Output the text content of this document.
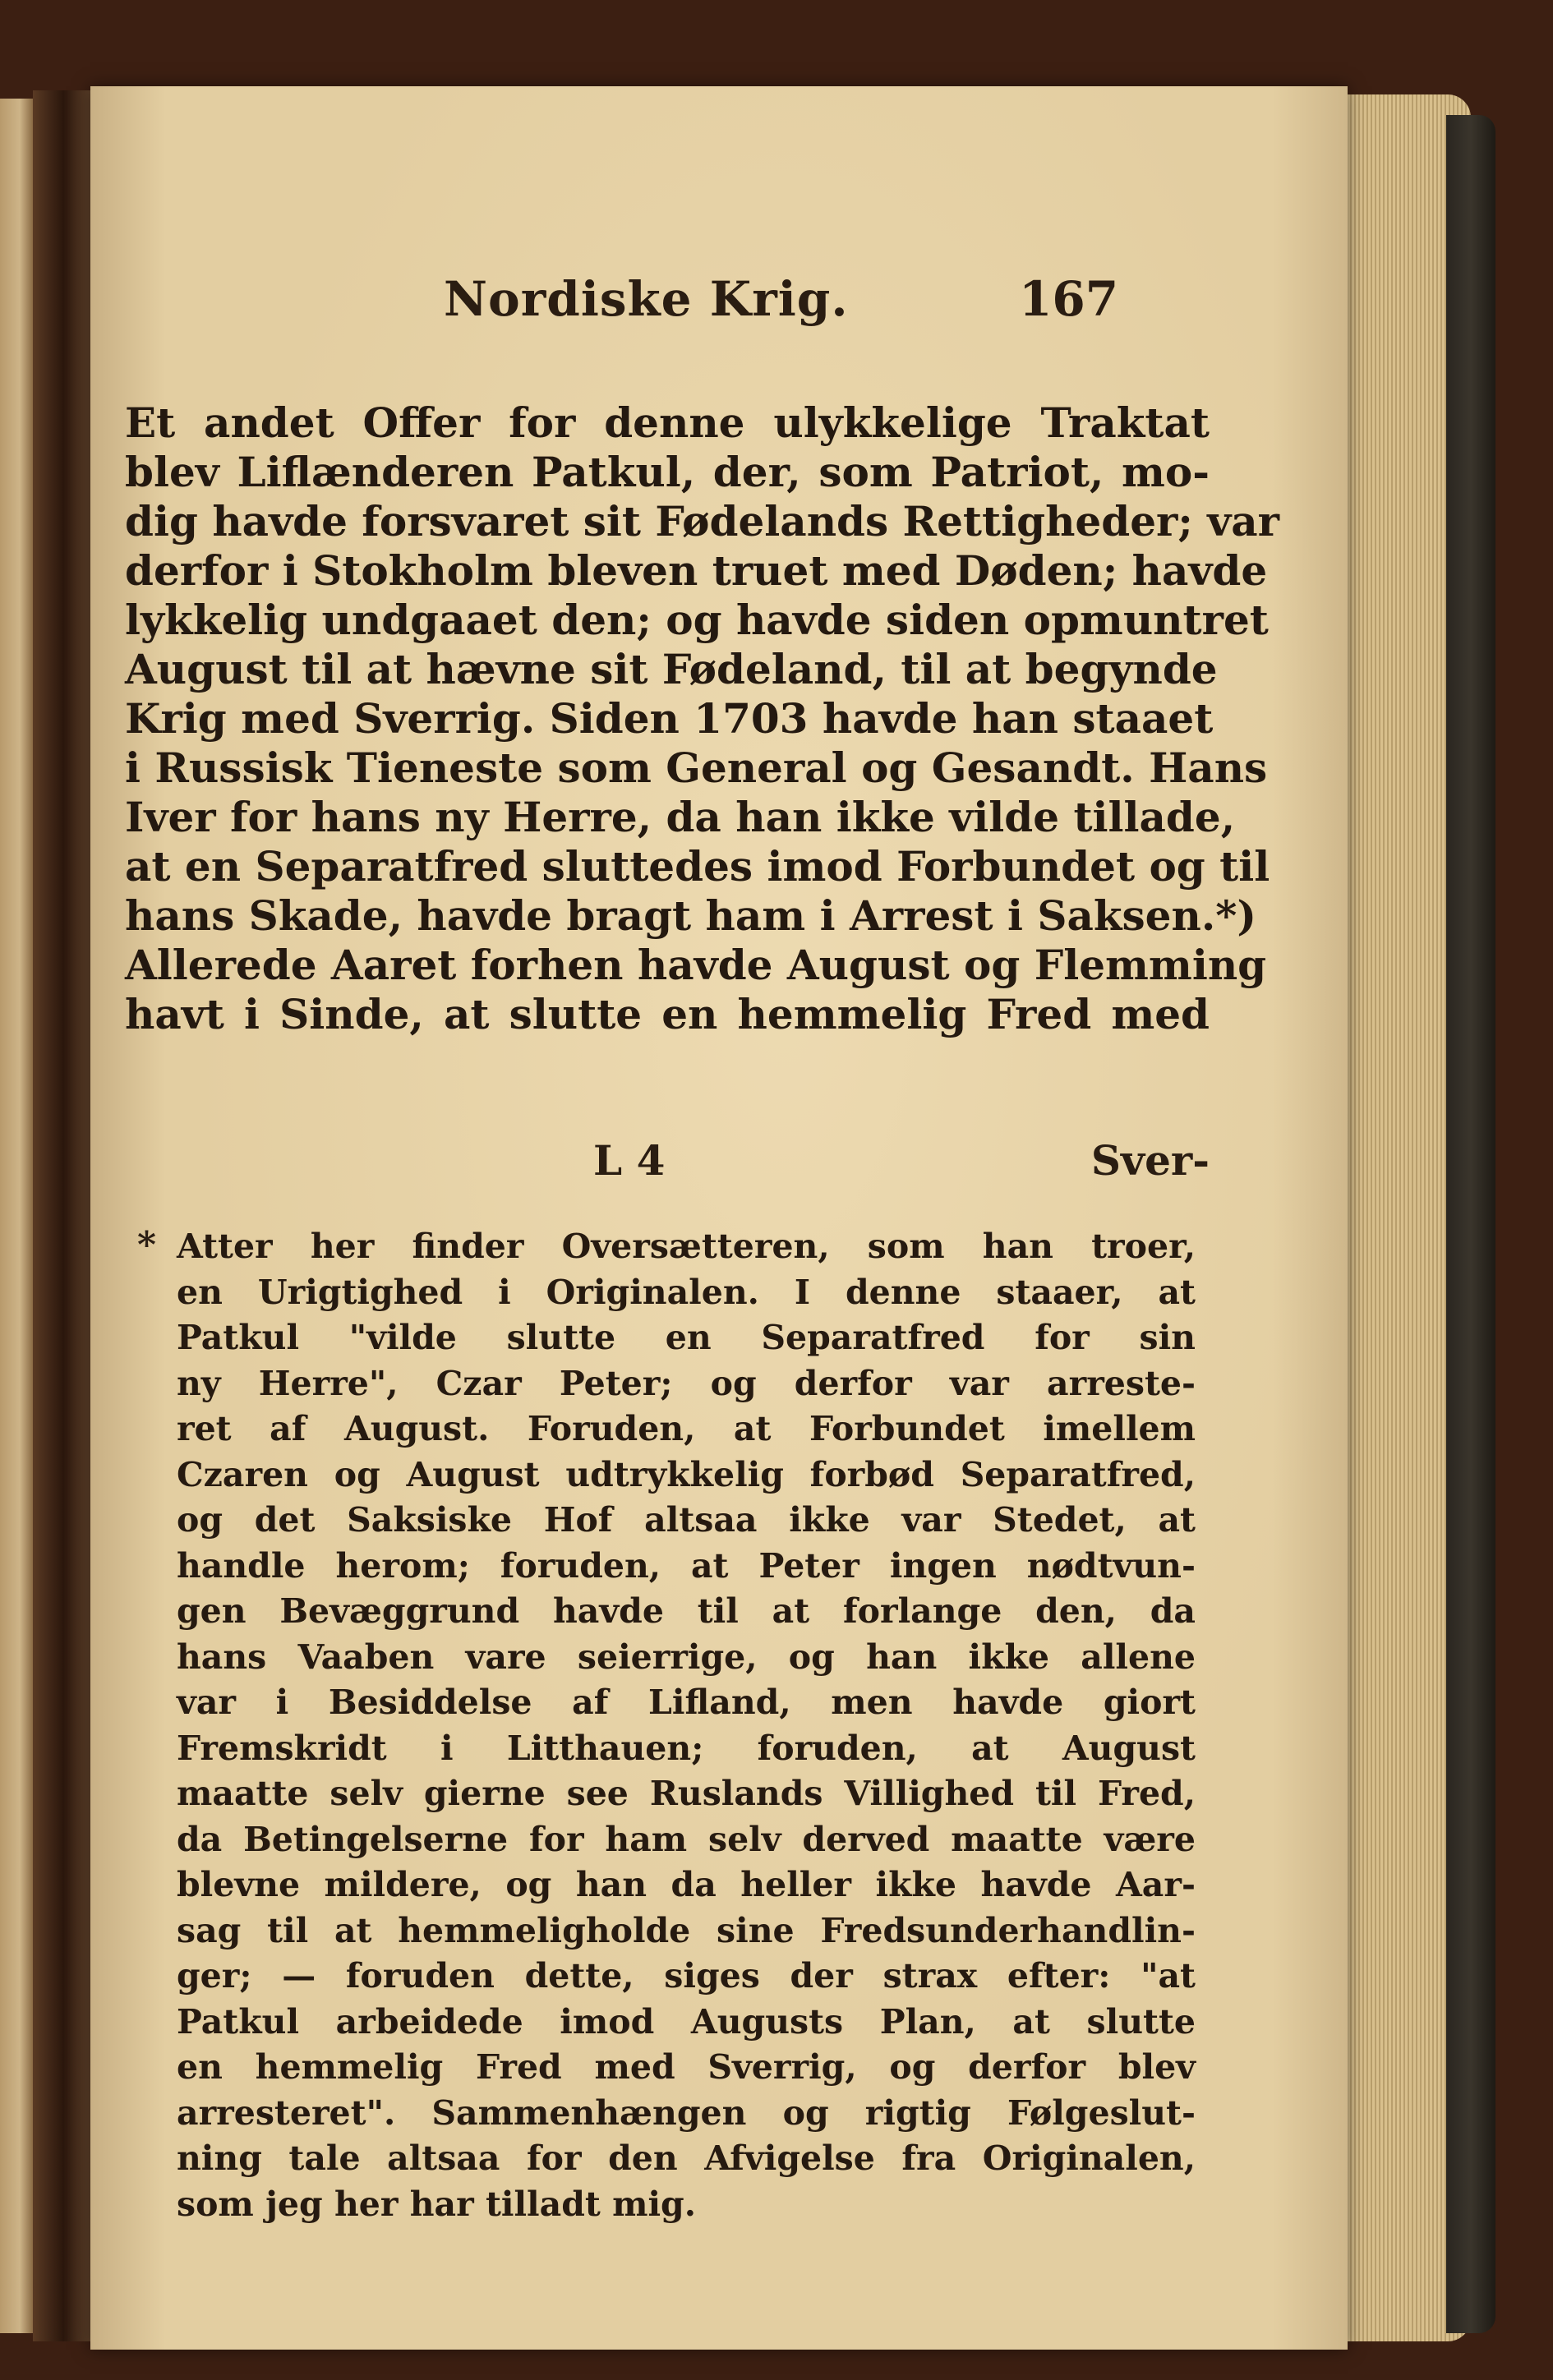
Nordiske Krig.	167
Et andet Offer for denne ulykkelige Traktat
blev Liflænderen Patkul, der, som Patriot, mo-
dig havde forsvaret sit Fødelands Rettigheder; var
derfor i Stokholm bleven truet med Døden; havde
lykkelig undgaaet den; og havde siden opmuntret
August til at hævne sit Fødeland, til at begynde
Krig med Sverrig. Siden 1703 havde han staaet
i Russisk Tieneste som General og Gesandt. Hans
Iver for hans ny Herre, da han ikke vilde tillade,
at en Separatfred sluttedes imod Forbundet og til
hans Skade, havde bragt ham i Arrest i Saksen.*)
Allerede Aaret forhen havde August og Flemming
havt i Sinde, at slutte en hemmelig Fred med
L 4	Sver-
* Atter her finder Oversætteren, som han troer,
en Urigtighed i Originalen. I denne staaer, at
Patkul "vilde slutte en Separatfred for sin
ny Herre", Czar Peter; og derfor var arreste-
ret af August. Foruden, at Forbundet imellem
Czaren og August udtrykkelig forbød Separatfred,
og det Saksiske Hof altsaa ikke var Stedet, at
handle herom; foruden, at Peter ingen nødtvun-
gen Bevæggrund havde til at forlange den, da
hans Vaaben vare seierrige, og han ikke allene
var i Besiddelse af Lifland, men havde giort
Fremskridt i Litthauen; foruden, at August
maatte selv gierne see Ruslands Villighed til Fred,
da Betingelserne for ham selv derved maatte være
blevne mildere, og han da heller ikke havde Aar-
sag til at hemmeligholde sine Fredsunderhandlin-
ger; — foruden dette, siges der strax efter: "at
Patkul arbeidede imod Augusts Plan, at slutte
en hemmelig Fred med Sverrig, og derfor blev
arresteret". Sammenhængen og rigtig Følgeslut-
ning tale altsaa for den Afvigelse fra Originalen,
som jeg her har tilladt mig.
